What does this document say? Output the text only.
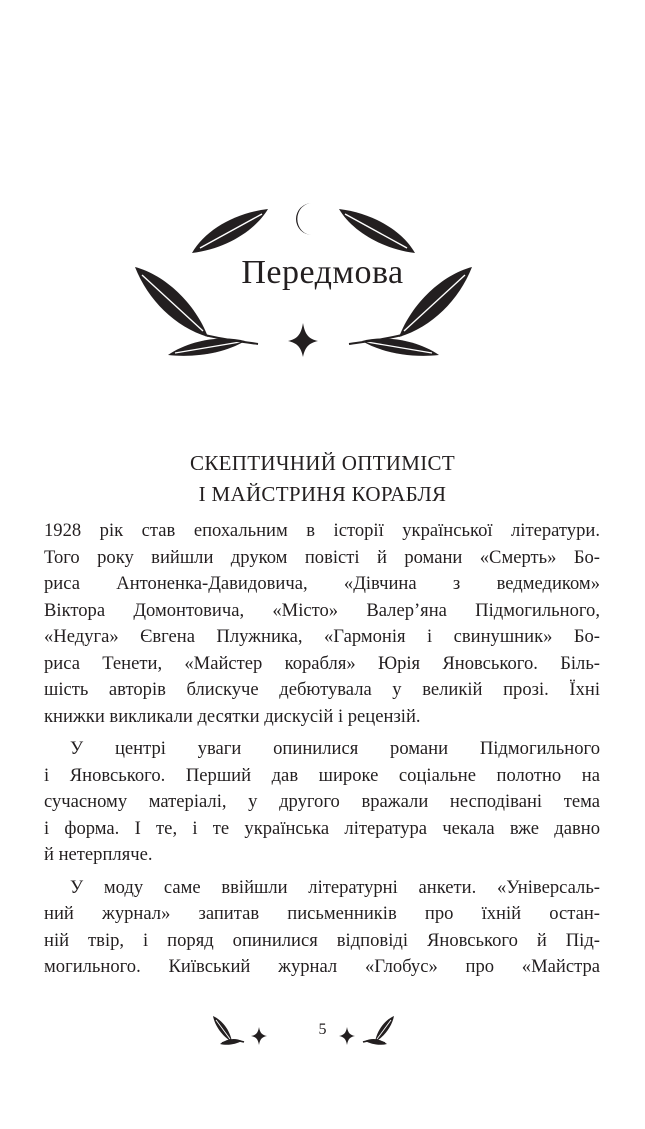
Передмова
СКЕПТИЧНИЙ ОПТИМІСТ
І МАЙСТРИНЯ КОРАБЛЯ
1928 рік став епохальним в історії української літератури.
Того року вийшли друком повісті й романи «Смерть» Бо-
риса Антоненка-Давидовича, «Дівчина з ведмедиком»
Віктора Домонтовича, «Місто» Валер’яна Підмогильного,
«Недуга» Євгена Плужника, «Гармонія і свинушник» Бо-
риса Тенети, «Майстер корабля» Юрія Яновського. Біль-
шість авторів блискуче дебютувала у великій прозі. Їхні
книжки викликали десятки дискусій і рецензій.
У центрі уваги опинилися романи Підмогильного
і Яновського. Перший дав широке соціальне полотно на
сучасному матеріалі, у другого вражали несподівані тема
і форма. І те, і те українська література чекала вже давно
й нетерпляче.
У моду саме ввійшли літературні анкети. «Універсаль-
ний журнал» запитав письменників про їхній остан-
ній твір, і поряд опинилися відповіді Яновського й Під-
могильного. Київський журнал «Глобус» про «Майстра
5
